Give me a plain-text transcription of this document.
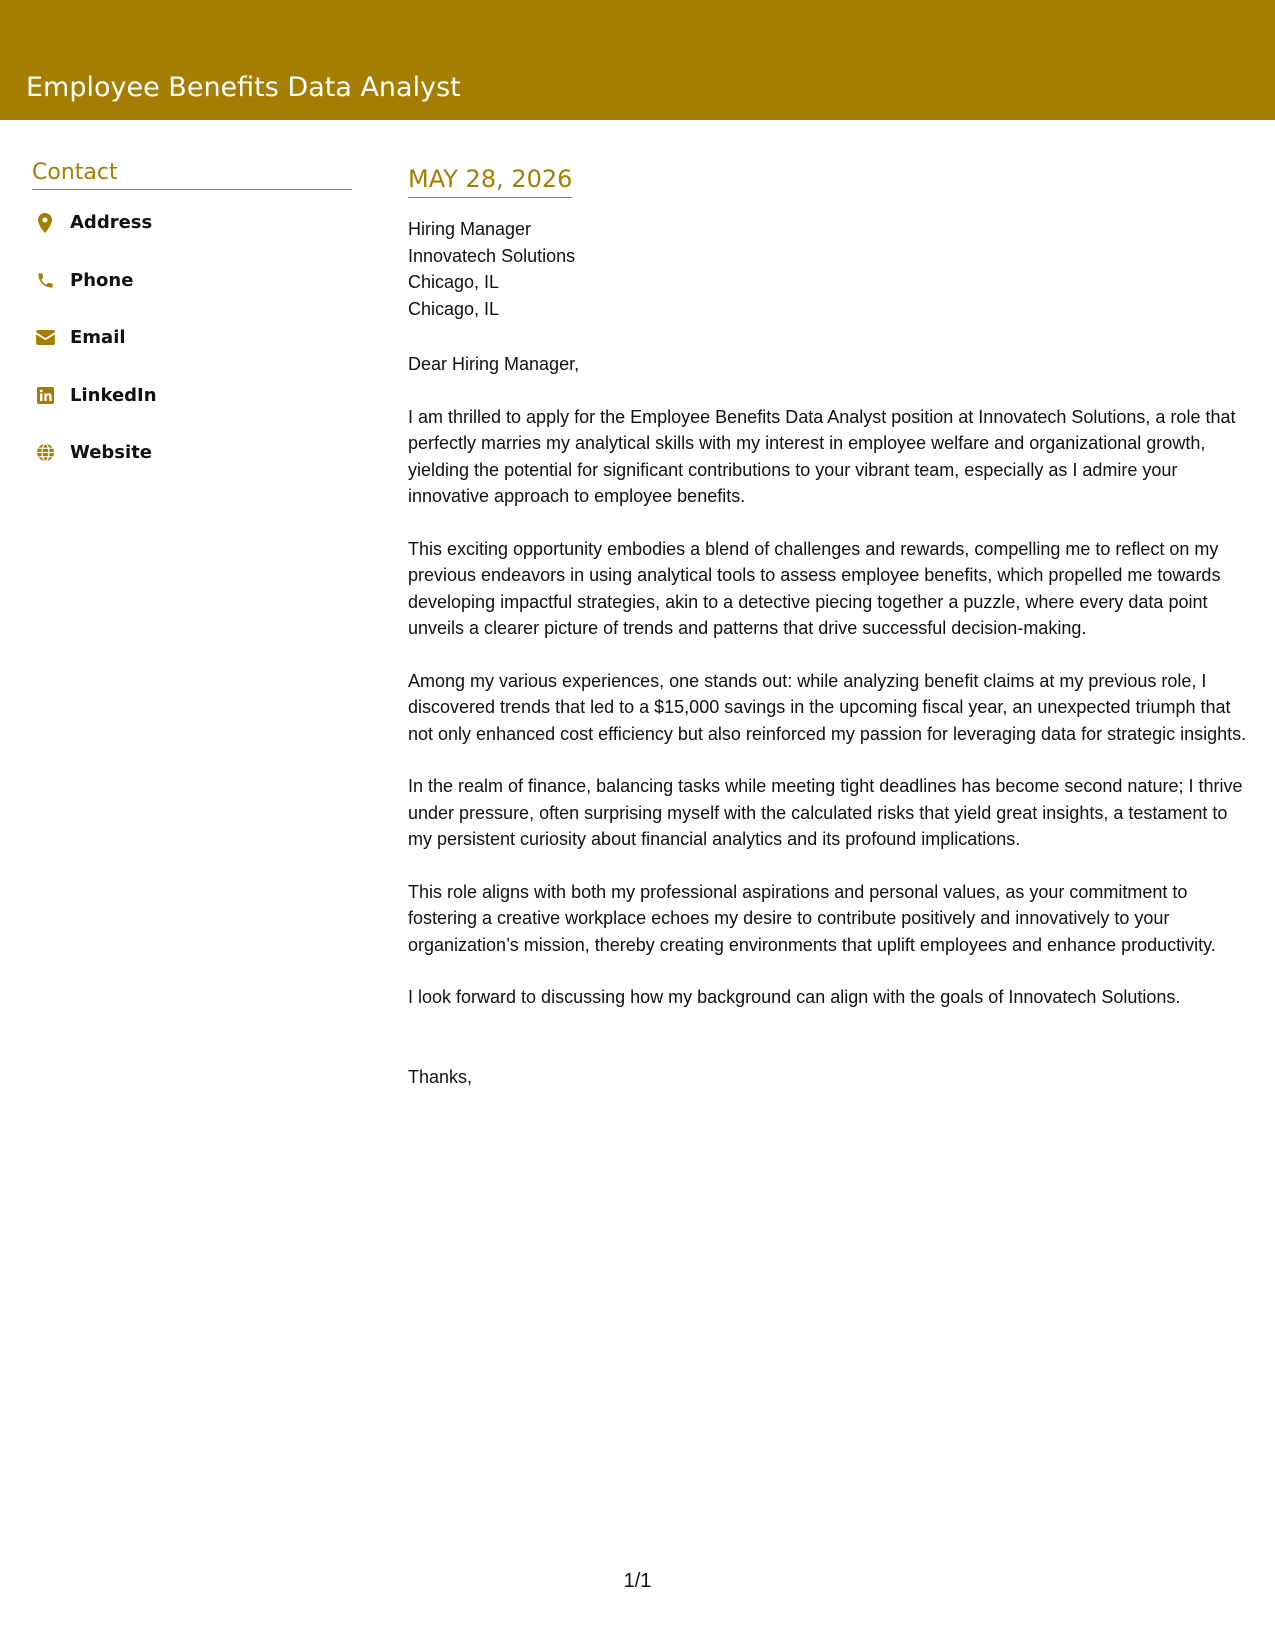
Employee Benefits Data Analyst
Contact
Address
Phone
Email
LinkedIn
Website
MAY 28, 2026
Hiring Manager
Innovatech Solutions
Chicago, IL
Chicago, IL
Dear Hiring Manager,
I am thrilled to apply for the Employee Benefits Data Analyst position at Innovatech Solutions, a role that perfectly marries my analytical skills with my interest in employee welfare and organizational growth, yielding the potential for significant contributions to your vibrant team, especially as I admire your innovative approach to employee benefits.
This exciting opportunity embodies a blend of challenges and rewards, compelling me to reflect on my previous endeavors in using analytical tools to assess employee benefits, which propelled me towards developing impactful strategies, akin to a detective piecing together a puzzle, where every data point unveils a clearer picture of trends and patterns that drive successful decision-making.
Among my various experiences, one stands out: while analyzing benefit claims at my previous role, I discovered trends that led to a $15,000 savings in the upcoming fiscal year, an unexpected triumph that not only enhanced cost efficiency but also reinforced my passion for leveraging data for strategic insights.
In the realm of finance, balancing tasks while meeting tight deadlines has become second nature; I thrive under pressure, often surprising myself with the calculated risks that yield great insights, a testament to my persistent curiosity about financial analytics and its profound implications.
This role aligns with both my professional aspirations and personal values, as your commitment to fostering a creative workplace echoes my desire to contribute positively and innovatively to your organization’s mission, thereby creating environments that uplift employees and enhance productivity.
I look forward to discussing how my background can align with the goals of Innovatech Solutions.
Thanks,
1/1
